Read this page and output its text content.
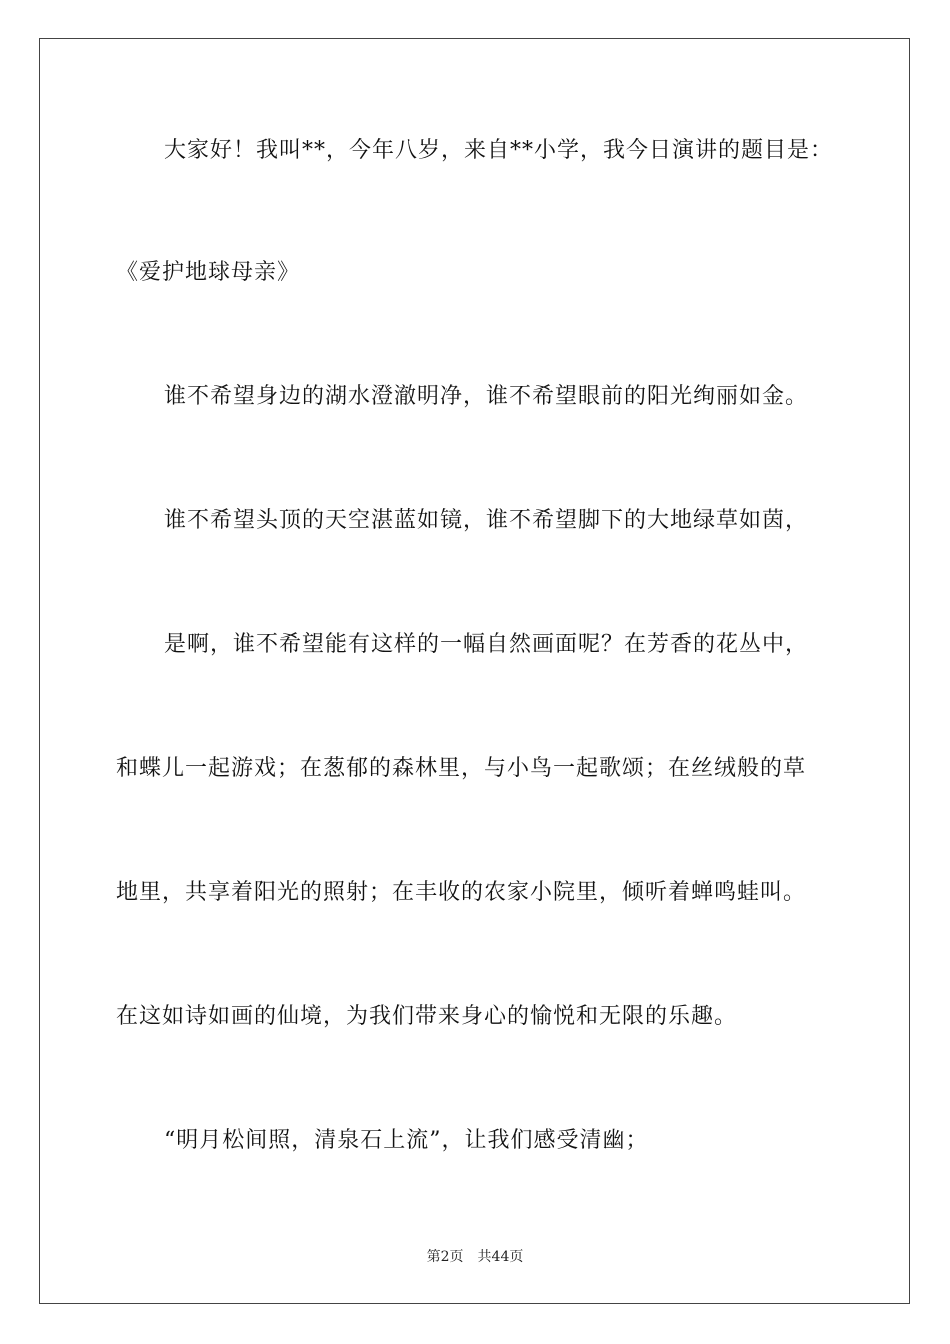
大家好！我叫**，今年八岁，来自**小学，我今日演讲的题目是：
《爱护地球母亲》
谁不希望身边的湖水澄澈明净，谁不希望眼前的阳光绚丽如金。
谁不希望头顶的天空湛蓝如镜，谁不希望脚下的大地绿草如茵，
是啊，谁不希望能有这样的一幅自然画面呢？在芳香的花丛中，
和蝶儿一起游戏；在葱郁的森林里，与小鸟一起歌颂；在丝绒般的草
地里，共享着阳光的照射；在丰收的农家小院里，倾听着蝉鸣蛙叫。
在这如诗如画的仙境，为我们带来身心的愉悦和无限的乐趣。
“明月松间照，清泉石上流”，让我们感受清幽；
第2页 共44页
